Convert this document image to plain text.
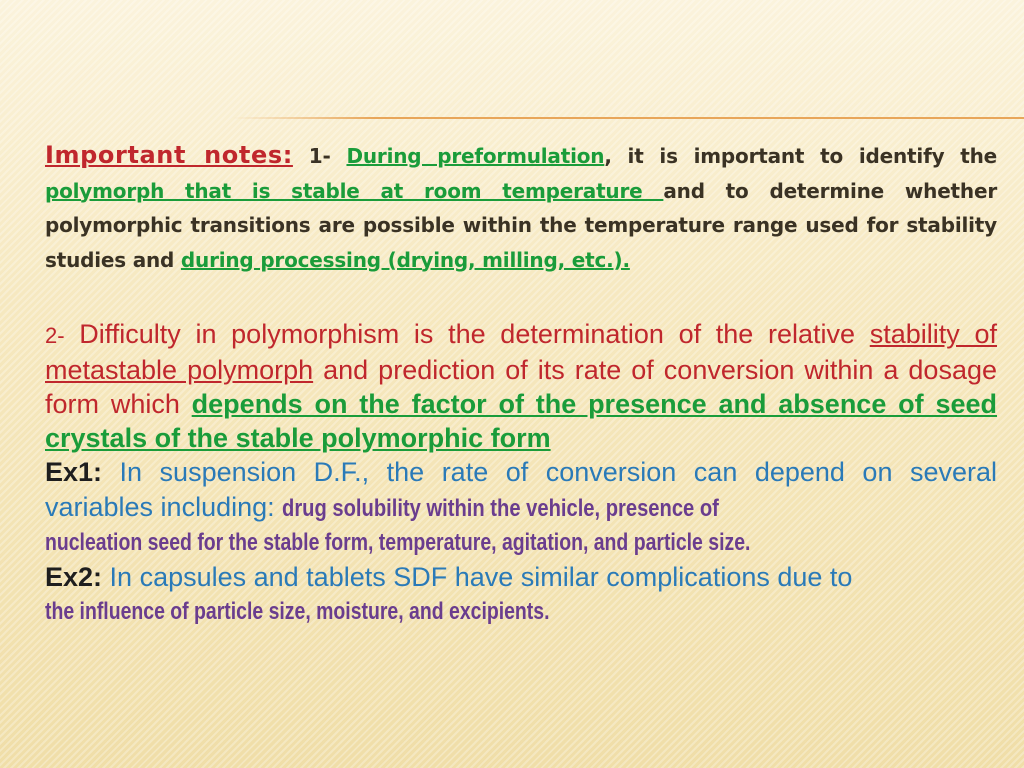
Important notes: 1- During preformulation, it is important to identify the polymorph that is stable at room temperature and to determine whether polymorphic transitions are possible within the temperature range used for stability studies and during processing (drying, milling, etc.).

2- Difficulty in polymorphism is the determination of the relative stability of metastable polymorph and prediction of its rate of conversion within a dosage form which depends on the factor of the presence and absence of seed crystals of the stable polymorphic form

Ex1: In suspension D.F., the rate of conversion can depend on several variables including: drug solubility within the vehicle, presence of
nucleation seed for the stable form, temperature, agitation, and particle size.

Ex2: In capsules and tablets SDF have similar complications due to
the influence of particle size, moisture, and excipients.
